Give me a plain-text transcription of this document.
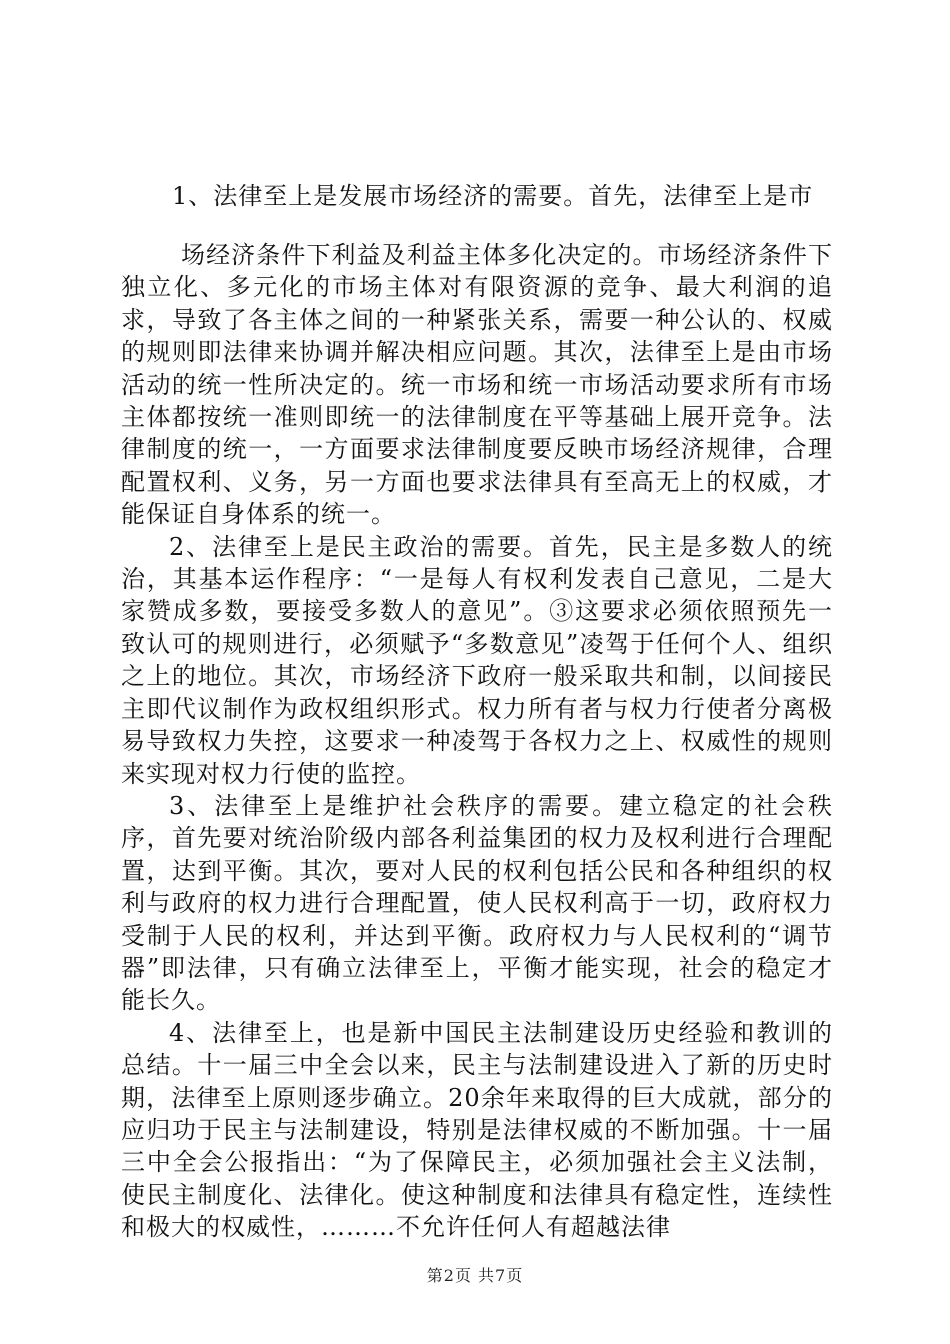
1、法律至上是发展市场经济的需要。首先，法律至上是市

场经济条件下利益及利益主体多化决定的。市场经济条件下独立化、多元化的市场主体对有限资源的竞争、最大利润的追求，导致了各主体之间的一种紧张关系，需要一种公认的、权威的规则即法律来协调并解决相应问题。其次，法律至上是由市场活动的统一性所决定的。统一市场和统一市场活动要求所有市场主体都按统一准则即统一的法律制度在平等基础上展开竞争。法律制度的统一，一方面要求法律制度要反映市场经济规律，合理配置权利、义务，另一方面也要求法律具有至高无上的权威，才能保证自身体系的统一。

2、法律至上是民主政治的需要。首先，民主是多数人的统治，其基本运作程序：“一是每人有权利发表自己意见，二是大家赞成多数，要接受多数人的意见”。③这要求必须依照预先一致认可的规则进行，必须赋予“多数意见”凌驾于任何个人、组织之上的地位。其次，市场经济下政府一般采取共和制，以间接民主即代议制作为政权组织形式。权力所有者与权力行使者分离极易导致权力失控，这要求一种凌驾于各权力之上、权威性的规则来实现对权力行使的监控。

3、法律至上是维护社会秩序的需要。建立稳定的社会秩序，首先要对统治阶级内部各利益集团的权力及权利进行合理配置，达到平衡。其次，要对人民的权利包括公民和各种组织的权利与政府的权力进行合理配置，使人民权利高于一切，政府权力受制于人民的权利，并达到平衡。政府权力与人民权利的“调节器”即法律，只有确立法律至上，平衡才能实现，社会的稳定才能长久。

4、法律至上，也是新中国民主法制建设历史经验和教训的总结。十一届三中全会以来，民主与法制建设进入了新的历史时期，法律至上原则逐步确立。20余年来取得的巨大成就，部分的应归功于民主与法制建设，特别是法律权威的不断加强。十一届三中全会公报指出：“为了保障民主，必须加强社会主义法制，使民主制度化、法律化。使这种制度和法律具有稳定性，连续性和极大的权威性，………不允许任何人有超越法律

第2页 共7页
